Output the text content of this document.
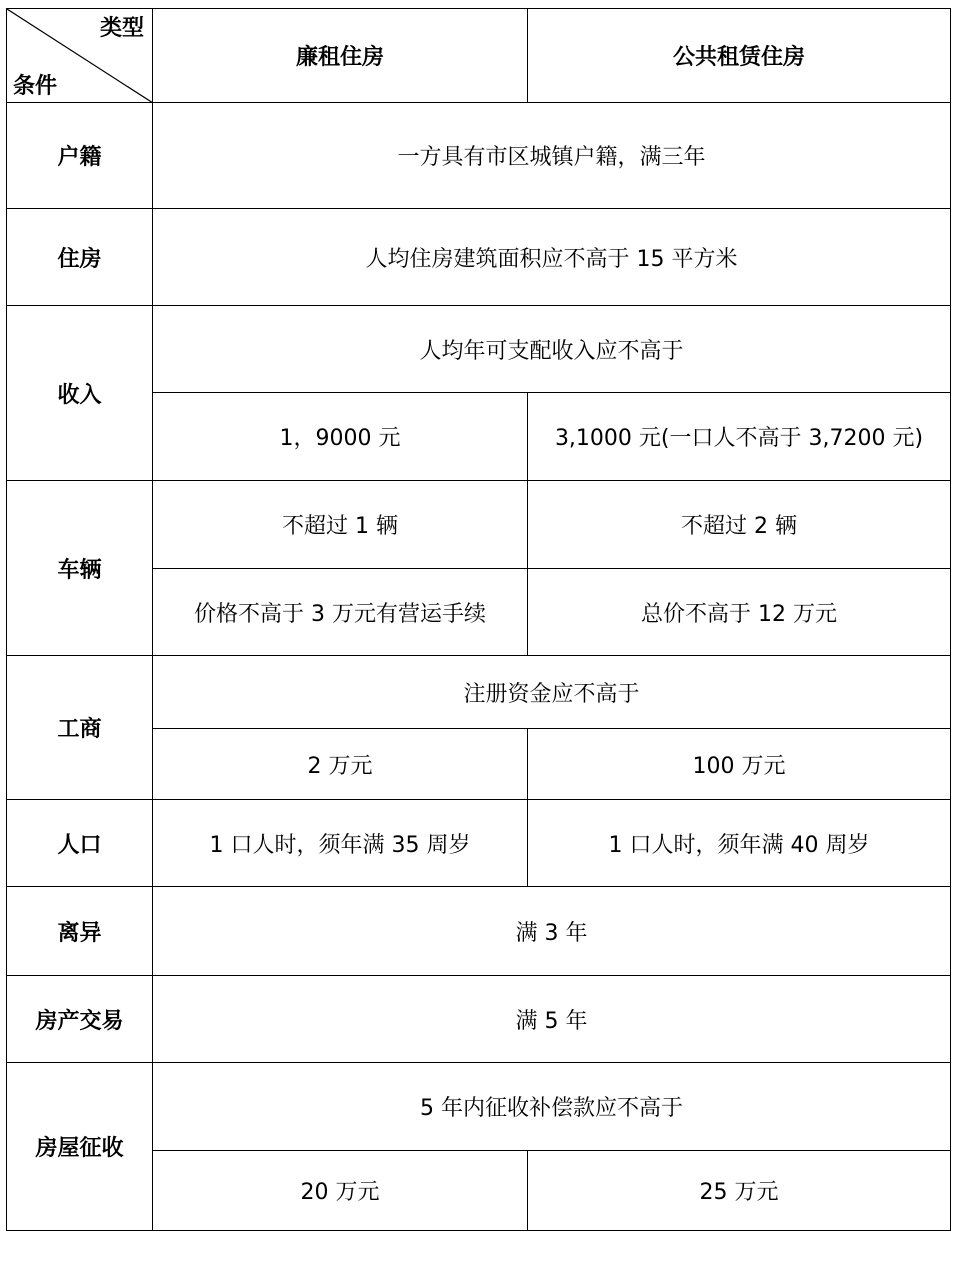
类型
条件	廉租住房	公共租赁住房
户籍	一方具有市区城镇户籍，满三年	
住房	人均住房建筑面积应不高于 15 平方米	
收入	人均年可支配收入应不高于	
	1，9000 元	3,1000 元(一口人不高于 3,7200 元)
车辆	不超过 1 辆	不超过 2 辆
	价格不高于 3 万元有营运手续	总价不高于 12 万元
工商	注册资金应不高于	
	2 万元	100 万元
人口	1 口人时，须年满 35 周岁	1 口人时，须年满 40 周岁
离异	满 3 年	
房产交易	满 5 年	
房屋征收	5 年内征收补偿款应不高于	
	20 万元	25 万元
